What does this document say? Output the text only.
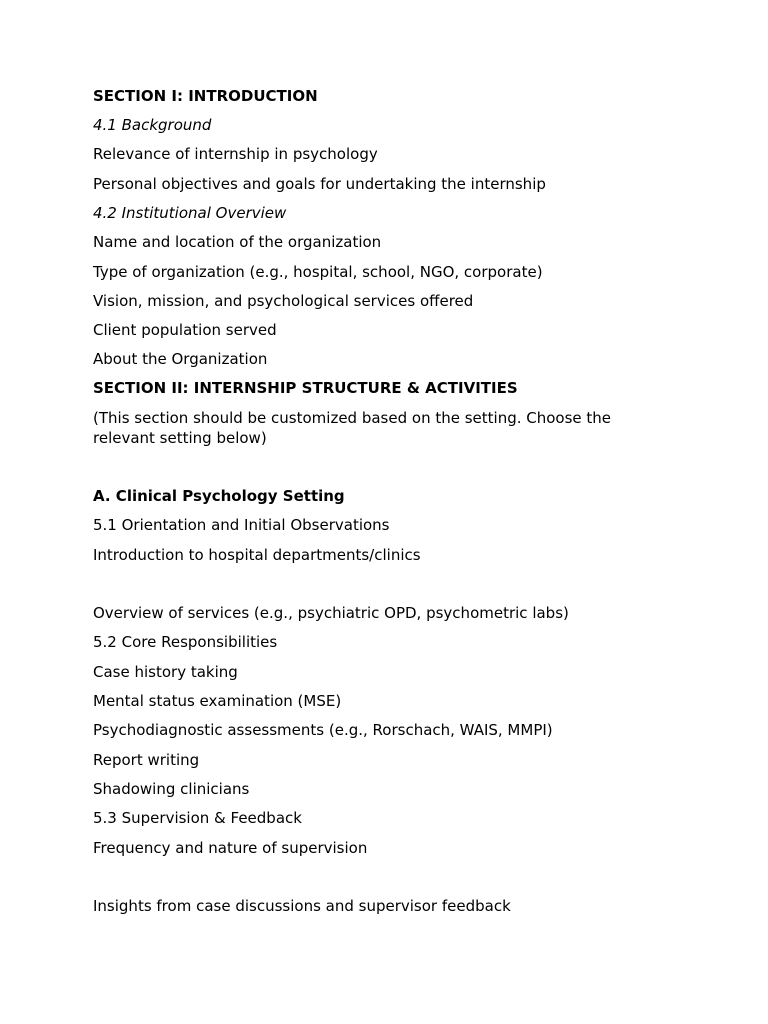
SECTION I: INTRODUCTION

4.1 Background

Relevance of internship in psychology

Personal objectives and goals for undertaking the internship

4.2 Institutional Overview

Name and location of the organization

Type of organization (e.g., hospital, school, NGO, corporate)

Vision, mission, and psychological services offered

Client population served

About the Organization

SECTION II: INTERNSHIP STRUCTURE & ACTIVITIES

(This section should be customized based on the setting. Choose the relevant setting below)

A. Clinical Psychology Setting

5.1 Orientation and Initial Observations

Introduction to hospital departments/clinics

Overview of services (e.g., psychiatric OPD, psychometric labs)

5.2 Core Responsibilities

Case history taking

Mental status examination (MSE)

Psychodiagnostic assessments (e.g., Rorschach, WAIS, MMPI)

Report writing

Shadowing clinicians

5.3 Supervision & Feedback

Frequency and nature of supervision

Insights from case discussions and supervisor feedback
